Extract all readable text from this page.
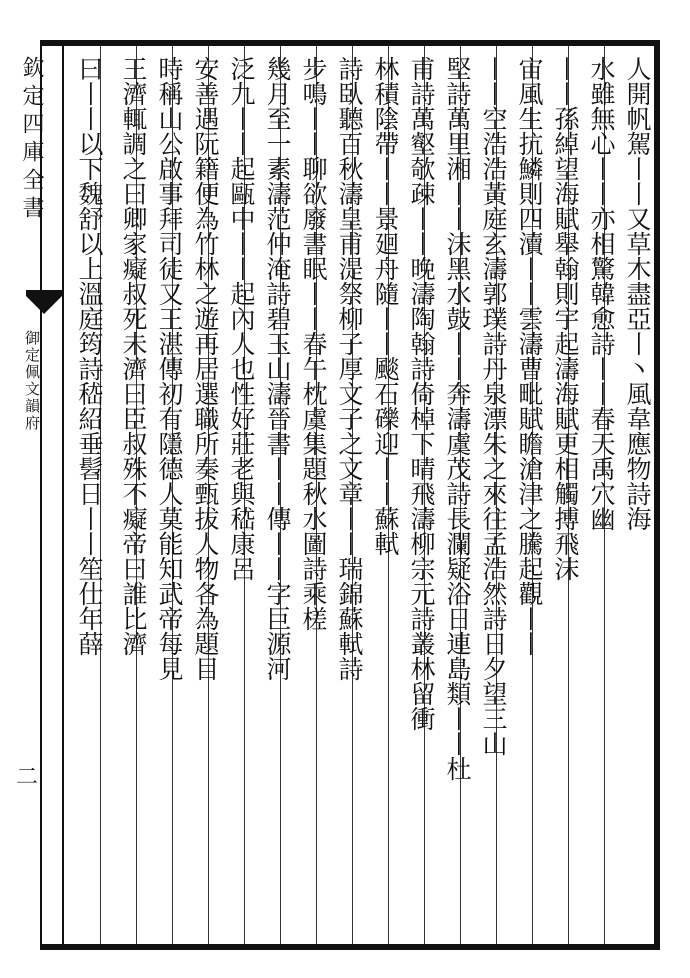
欽定四庫全書
御定佩文韻府
二
人開帆駕丨丨又草木盡亞丨丶風韋應物詩海
水雖無心丨丨亦相驚韓愈詩丨丨春天禹穴幽
丨丨孫綽望海賦舉翰則宇起濤海賦更相觸搏飛沫
宙風生抗鱗則四瀆丨丨雲濤曹毗賦瞻滄津之騰起觀丨丨
丨丨空浩浩黃庭玄濤郭璞詩丹泉漂朱之來往孟浩然詩日夕望三山
堅詩萬里湘丨丨沫黑水鼓丨丨奔濤虞茂詩長瀾疑浴日連島類丨丨杜
甫詩萬壑欹疎丨丨晚濤陶翰詩倚棹下晴飛濤柳宗元詩叢林留衝
林積陰帶丨丨景廻舟隨丨丨颷石礫迎丨丨蘇軾
詩臥聽百秋濤皇甫湜祭柳子厚文子之文章丨丨瑞錦蘇軾詩
步鳴丨丨聊欲廢書眠丨丨春午枕虞集題秋水圖詩乘槎
幾月至一素濤范仲淹詩碧玉山濤晉書丨丨傳丨丨字巨源河
泛九丨丨起甌中丨丨起內人也性好莊老與嵇康呂
安善遇阮籍便為竹林之遊再居選職所奏甄拔人物各為題目
時稱山公啟事拜司徒又王湛傳初有隱德人莫能知武帝每見
王濟輒調之曰卿家癡叔死未濟曰臣叔殊不癡帝曰誰比濟
曰丨丨以下魏舒以上溫庭筠詩嵇紹垂髫日丨丨笙仕年薛
